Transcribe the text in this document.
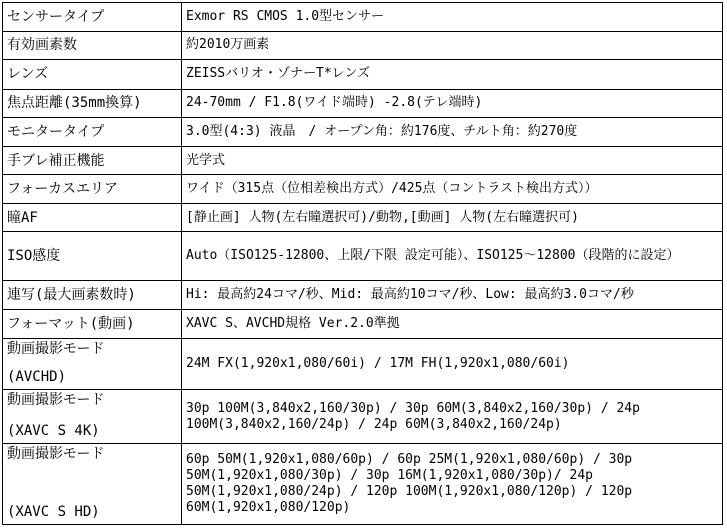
センサータイプ	Exmor RS CMOS 1.0型センサー
有効画素数	約2010万画素
レンズ	ZEISSバリオ・ゾナーT*レンズ
焦点距離(35mm換算)	24-70mm / F1.8(ワイド端時) -2.8(テレ端時)
モニタータイプ	3.0型(4:3) 液晶　/ オープン角：約176度、チルト角：約270度
手ブレ補正機能	光学式
フォーカスエリア	ワイド（315点（位相差検出方式）/425点（コントラスト検出方式））
瞳AF	[静止画] 人物(左右瞳選択可)/動物,[動画] 人物(左右瞳選択可)
ISO感度	Auto（ISO125-12800、上限/下限 設定可能）、ISO125～12800（段階的に設定）
連写(最大画素数時)	Hi: 最高約24コマ/秒、Mid: 最高約10コマ/秒、Low: 最高約3.0コマ/秒
フォーマット(動画)	XAVC S、AVCHD規格 Ver.2.0準拠

動画撮影モード
(AVCHD)	24M FX(1,920x1,080/60i) / 17M FH(1,920x1,080/60i)

動画撮影モード
(XAVC S 4K)	30p 100M(3,840x2,160/30p) / 30p 60M(3,840x2,160/30p) / 24p
100M(3,840x2,160/24p) / 24p 60M(3,840x2,160/24p)

動画撮影モード
(XAVC S HD)	60p 50M(1,920x1,080/60p) / 60p 25M(1,920x1,080/60p) / 30p
50M(1,920x1,080/30p) / 30p 16M(1,920x1,080/30p)/ 24p
50M(1,920x1,080/24p) / 120p 100M(1,920x1,080/120p) / 120p
60M(1,920x1,080/120p)
